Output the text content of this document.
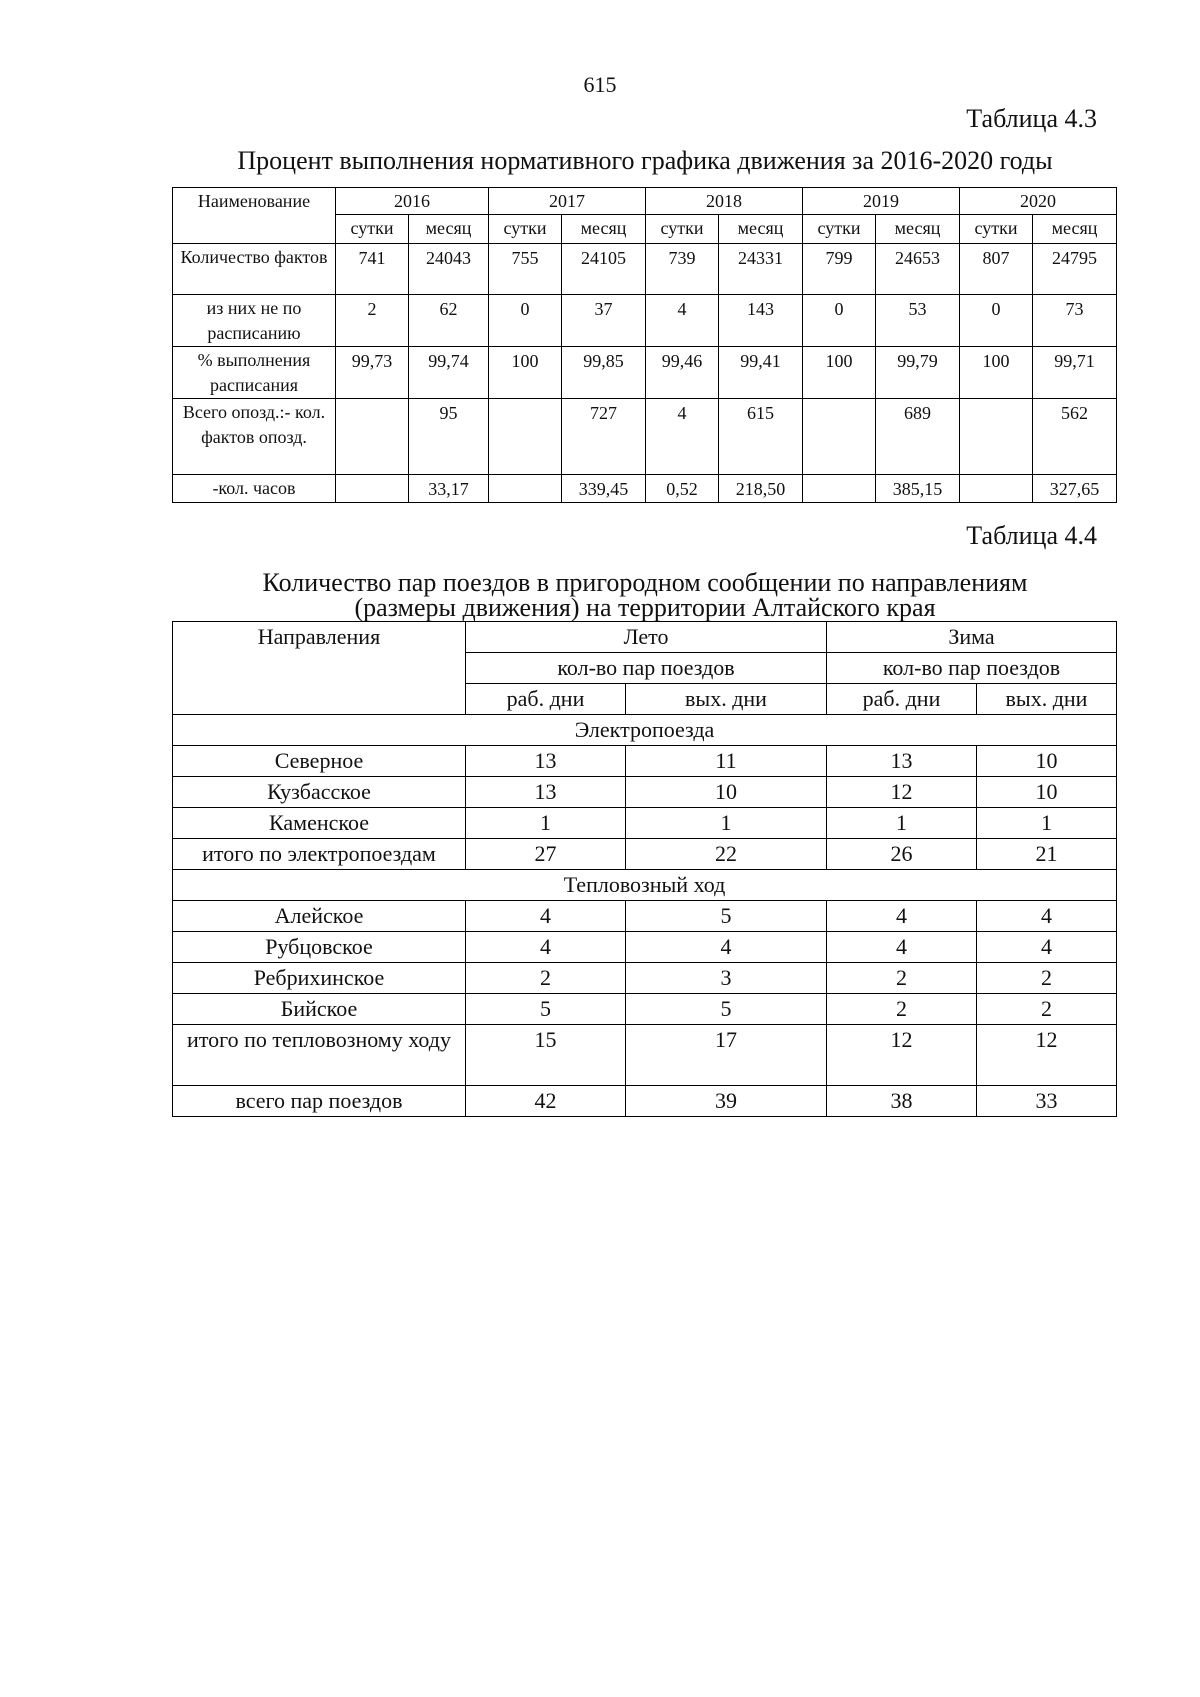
615
Таблица 4.3
Процент выполнения нормативного графика движения за 2016-2020 годы
Наименование	2016		2017		2018		2019		2020	
	сутки	месяц	сутки	месяц	сутки	месяц	сутки	месяц	сутки	месяц
Количество фактов	741	24043	755	24105	739	24331	799	24653	807	24795
из них не по расписанию	2	62	0	37	4	143	0	53	0	73
% выполнения расписания	99,73	99,74	100	99,85	99,46	99,41	100	99,79	100	99,71
Всего опозд.:- кол. фактов опозд.		95		727	4	615		689		562
-кол. часов		33,17		339,45	0,52	218,50		385,15		327,65
Таблица 4.4
Количество пар поездов в пригородном сообщении по направлениям
(размеры движения) на территории Алтайского края
Направления	Лето		Зима	
	кол-во пар поездов		кол-во пар поездов	
	раб. дни	вых. дни	раб. дни	вых. дни
Электропоезда				
Северное	13	11	13	10
Кузбасское	13	10	12	10
Каменское	1	1	1	1
итого по электропоездам	27	22	26	21
Тепловозный ход				
Алейское	4	5	4	4
Рубцовское	4	4	4	4
Ребрихинское	2	3	2	2
Бийское	5	5	2	2
итого по тепловозному ходу	15	17	12	12
всего пар поездов	42	39	38	33
